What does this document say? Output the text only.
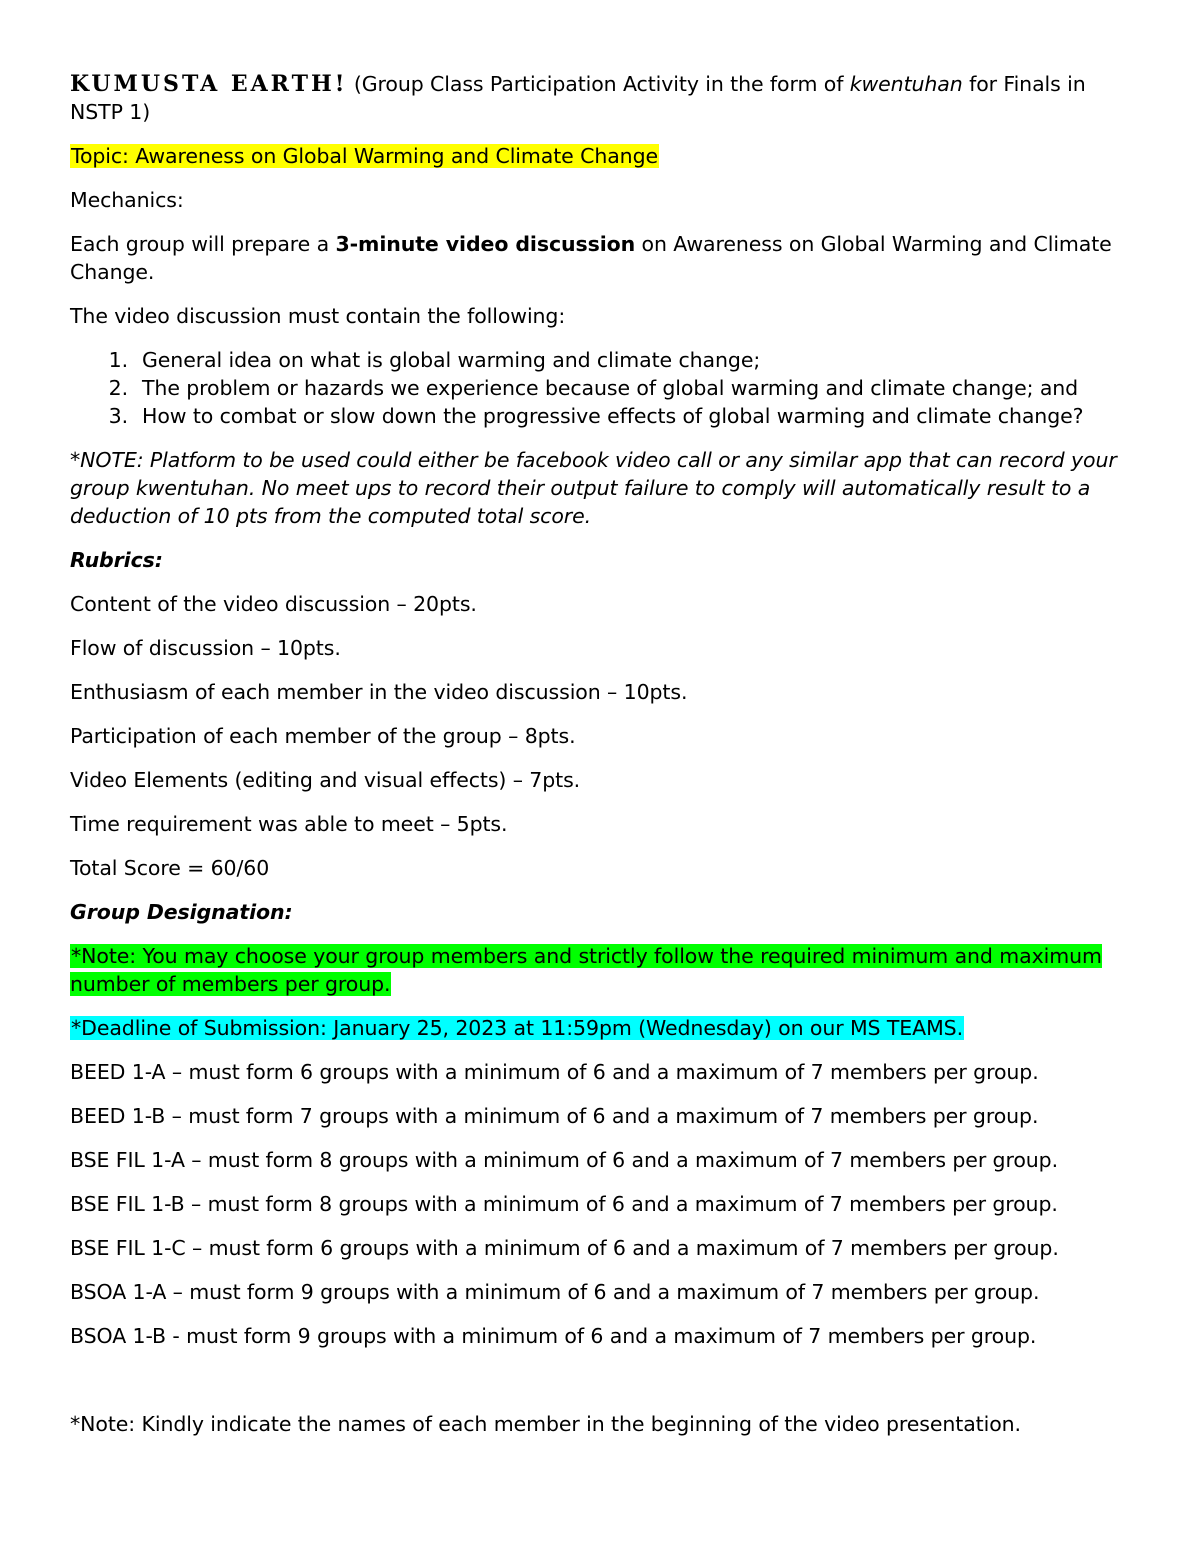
KUMUSTA EARTH! (Group Class Participation Activity in the form of kwentuhan for Finals in NSTP 1)

Topic: Awareness on Global Warming and Climate Change

Mechanics:

Each group will prepare a 3-minute video discussion on Awareness on Global Warming and Climate Change.

The video discussion must contain the following:

1. General idea on what is global warming and climate change;
2. The problem or hazards we experience because of global warming and climate change; and
3. How to combat or slow down the progressive effects of global warming and climate change?

*NOTE: Platform to be used could either be facebook video call or any similar app that can record your group kwentuhan. No meet ups to record their output failure to comply will automatically result to a deduction of 10 pts from the computed total score.

Rubrics:

Content of the video discussion – 20pts.

Flow of discussion – 10pts.

Enthusiasm of each member in the video discussion – 10pts.

Participation of each member of the group – 8pts.

Video Elements (editing and visual effects) – 7pts.

Time requirement was able to meet – 5pts.

Total Score = 60/60

Group Designation:

*Note: You may choose your group members and strictly follow the required minimum and maximum number of members per group.

*Deadline of Submission: January 25, 2023 at 11:59pm (Wednesday) on our MS TEAMS.

BEED 1-A – must form 6 groups with a minimum of 6 and a maximum of 7 members per group.

BEED 1-B – must form 7 groups with a minimum of 6 and a maximum of 7 members per group.

BSE FIL 1-A – must form 8 groups with a minimum of 6 and a maximum of 7 members per group.

BSE FIL 1-B – must form 8 groups with a minimum of 6 and a maximum of 7 members per group.

BSE FIL 1-C – must form 6 groups with a minimum of 6 and a maximum of 7 members per group.

BSOA 1-A – must form 9 groups with a minimum of 6 and a maximum of 7 members per group.

BSOA 1-B - must form 9 groups with a minimum of 6 and a maximum of 7 members per group.

*Note: Kindly indicate the names of each member in the beginning of the video presentation.
